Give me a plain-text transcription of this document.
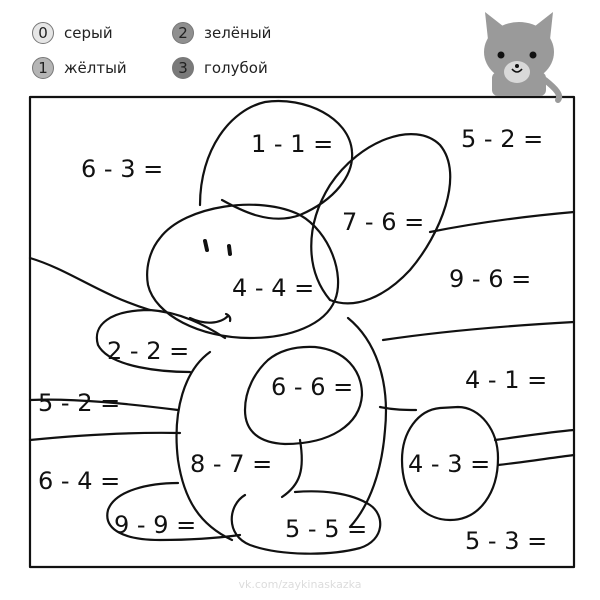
0	серый
1	жёлтый
2	зелёный
3	голубой
1 - 1 =	5 - 2 =
6 - 3 =
7 - 6 =
4 - 4 =	9 - 6 =
2 - 2 =
4 - 1 =
5 - 2 =
6 - 6 =
8 - 7 =	4 - 3 =
6 - 4 =
9 - 9 =	5 - 5 =	5 - 3 =
vk.com/zaykinaskazka
